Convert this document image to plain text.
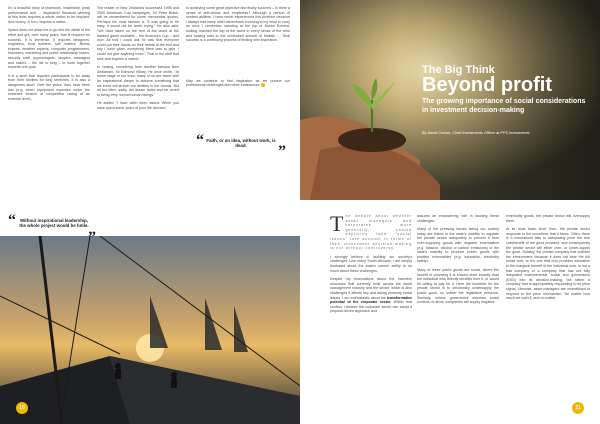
It's a beautiful story of teamwork, leadership, peak performance and … inspiration! Because winning at this level requires a whole nation to be inspired. And victory, in turn, inspires a nation.

Space does not allow me to go into the detail of the effort and grit, over many years, that is required for success. It is immense. It requires designers, engineers, boat builders, sail makers, fitness experts, weather experts, computer programmers, financiers, marketing and public relationship teams, security staff, psychologists, lawyers, managers and sailors – the list is long – to work together towards one goal.

It is a sport that requires participants to be away from their families for long stretches. It is also a dangerous sport. Over the years, lives have been lost (e.g. when equipment explodes under the immense tension of competitive racing at an extreme level).

The leader of New Zealand's successful 1995 and 2000 America's Cup campaigns, Sir Peter Blake, will be remembered for some memorable quotes. Perhaps his most famous is "It was going to be easy, it would not be worth trying." He also said, "We have taken on the rest of the world at the hardest game available – the America's Cup – and won. All that I could ask for was that everyone could put their hands on their hearts at the end and say I have given everything there was to give. I could not give anything more." That is the stuff that stirs and inspires a nation!

In closing, something from another famous New Zealander, Sir Edmund Hillary, He once wrote, "At some stage in our lives, many of us are faced with an inspirational dream to achieve something that we know will stretch our abilities to the utmost. But all too often, sadly, the dream fades and we revert to being very normal human beings."

He added "I have often been asked: When you have spent some years of your life devoted

to achieving some great objective and finally succeed – is there a sense of anti-climax and emptiness? Although a person of modest abilities, I have never experienced this problem because I always had many other adventures churning in my mind to carry on next. I remember standing at the top of Mount Everest, looking reached the top of the world in every sense of the term and looking east to the unclimbed summit of Makalu … Real success is a continuing process of finding new inspiration."

May we continue to find inspiration as we pursue our professional challenges and other endeavours

“ Faith, or an idea, without work, is dead.	”
“ Without inspirational leadership, the whole project would be futile.
10
The Big Think
Beyond profit
The growing importance of social considerations in investment decision-making
By David Crosse, Chief Investments Officer at PPS Investments

The debate about whether asset managers and corporates, more generally, should explicitly take "social issues" into account in terms of their investment decision-making is not without controversy.

I strongly believe in tackling our society's challenges. Like many South Africans, I am deeply frustrated about the state's current ability to do much about these challenges.

Despite my reservations about the incentive structures that currently exist across the asset management industry and the sector, which is also challenges it affects key and taking pressing social issues, I am enthusiastic about the transformative potential of the corporate sector. Within that context, I believe the corporate sector can adopt a purpose-driven approach and

assume an empowering role in tackling these challenges.

Many of the pressing issues facing our society today are linked to the state's inability to regulate the private sector adequately to prevent it from over-supplying goods with negative externalities (e.g. tobacco, alcohol or carbon emissions) or the state's inability to produce public goods with positive externalities (e.g. education, electricity safety).

Many of these public goods are social, where the benefit of providing it is shared more broadly than the individual who directly benefits from it, or would be willing to pay for it. Here the incentive for the private sector is to structurally undersupply the public good, no matter the legislative pressure. Similarly, unless government imposes social controls on firms, companies will supply negative

externality goods, the private sector will oversupply them.

At its most basic level, then, the private sector responds to the incentives that it faces. Often, there is a mechanism fails to adequately price the true cost/benefit of the good provided, and consequently the private sector will either over- or under-supply the good. Notably, the private company that pollutes the environment because it does not bear the full social cost, or the one that only provides education to the marginal benefit of the individual user, is not a bad company or a company that has not fully integrated environmental, social and governance (ESG) into its decision-making, but rather a company that is appropriately responding to its price signal. Likewise, asset managers are incentivised to respond to the price mechanism. No matter how much we wish it, and no matter

11
